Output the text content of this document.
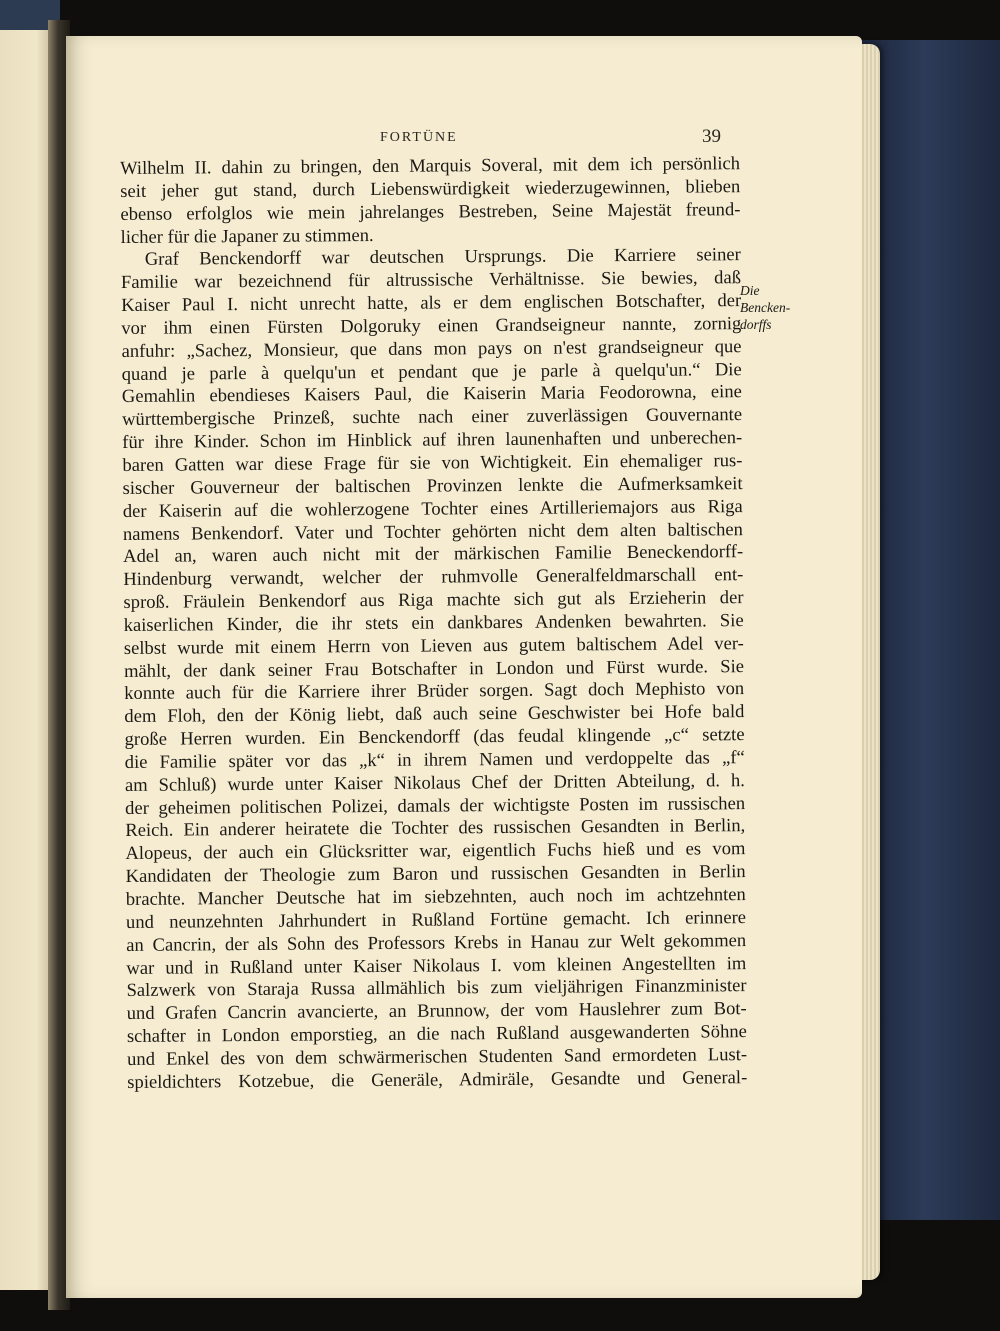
FORTÜNE	39
Wilhelm II. dahin zu bringen, den Marquis Soveral, mit dem ich persönlich
seit jeher gut stand, durch Liebenswürdigkeit wiederzugewinnen, blieben
ebenso erfolglos wie mein jahrelanges Bestreben, Seine Majestät freund-
licher für die Japaner zu stimmen.
Graf Benckendorff war deutschen Ursprungs. Die Karriere seiner
Familie war bezeichnend für altrussische Verhältnisse. Sie bewies, daß
Kaiser Paul I. nicht unrecht hatte, als er dem englischen Botschafter, der
vor ihm einen Fürsten Dolgoruky einen Grandseigneur nannte, zornig
anfuhr: „Sachez, Monsieur, que dans mon pays on n'est grandseigneur que
quand je parle à quelqu'un et pendant que je parle à quelqu'un.“ Die
Gemahlin ebendieses Kaisers Paul, die Kaiserin Maria Feodorowna, eine
württembergische Prinzeß, suchte nach einer zuverlässigen Gouvernante
für ihre Kinder. Schon im Hinblick auf ihren launenhaften und unberechen-
baren Gatten war diese Frage für sie von Wichtigkeit. Ein ehemaliger rus-
sischer Gouverneur der baltischen Provinzen lenkte die Aufmerksamkeit
der Kaiserin auf die wohlerzogene Tochter eines Artilleriemajors aus Riga
namens Benkendorf. Vater und Tochter gehörten nicht dem alten baltischen
Adel an, waren auch nicht mit der märkischen Familie Beneckendorff-
Hindenburg verwandt, welcher der ruhmvolle Generalfeldmarschall ent-
sproß. Fräulein Benkendorf aus Riga machte sich gut als Erzieherin der
kaiserlichen Kinder, die ihr stets ein dankbares Andenken bewahrten. Sie
selbst wurde mit einem Herrn von Lieven aus gutem baltischem Adel ver-
mählt, der dank seiner Frau Botschafter in London und Fürst wurde. Sie
konnte auch für die Karriere ihrer Brüder sorgen. Sagt doch Mephisto von
dem Floh, den der König liebt, daß auch seine Geschwister bei Hofe bald
große Herren wurden. Ein Benckendorff (das feudal klingende „c“ setzte
die Familie später vor das „k“ in ihrem Namen und verdoppelte das „f“
am Schluß) wurde unter Kaiser Nikolaus Chef der Dritten Abteilung, d. h.
der geheimen politischen Polizei, damals der wichtigste Posten im russischen
Reich. Ein anderer heiratete die Tochter des russischen Gesandten in Berlin,
Alopeus, der auch ein Glücksritter war, eigentlich Fuchs hieß und es vom
Kandidaten der Theologie zum Baron und russischen Gesandten in Berlin
brachte. Mancher Deutsche hat im siebzehnten, auch noch im achtzehnten
und neunzehnten Jahrhundert in Rußland Fortüne gemacht. Ich erinnere
an Cancrin, der als Sohn des Professors Krebs in Hanau zur Welt gekommen
war und in Rußland unter Kaiser Nikolaus I. vom kleinen Angestellten im
Salzwerk von Staraja Russa allmählich bis zum vieljährigen Finanzminister
und Grafen Cancrin avancierte, an Brunnow, der vom Hauslehrer zum Bot-
schafter in London emporstieg, an die nach Rußland ausgewanderten Söhne
und Enkel des von dem schwärmerischen Studenten Sand ermordeten Lust-
spieldichters Kotzebue, die Generäle, Admiräle, Gesandte und General-
Die
Bencken-
dorffs
